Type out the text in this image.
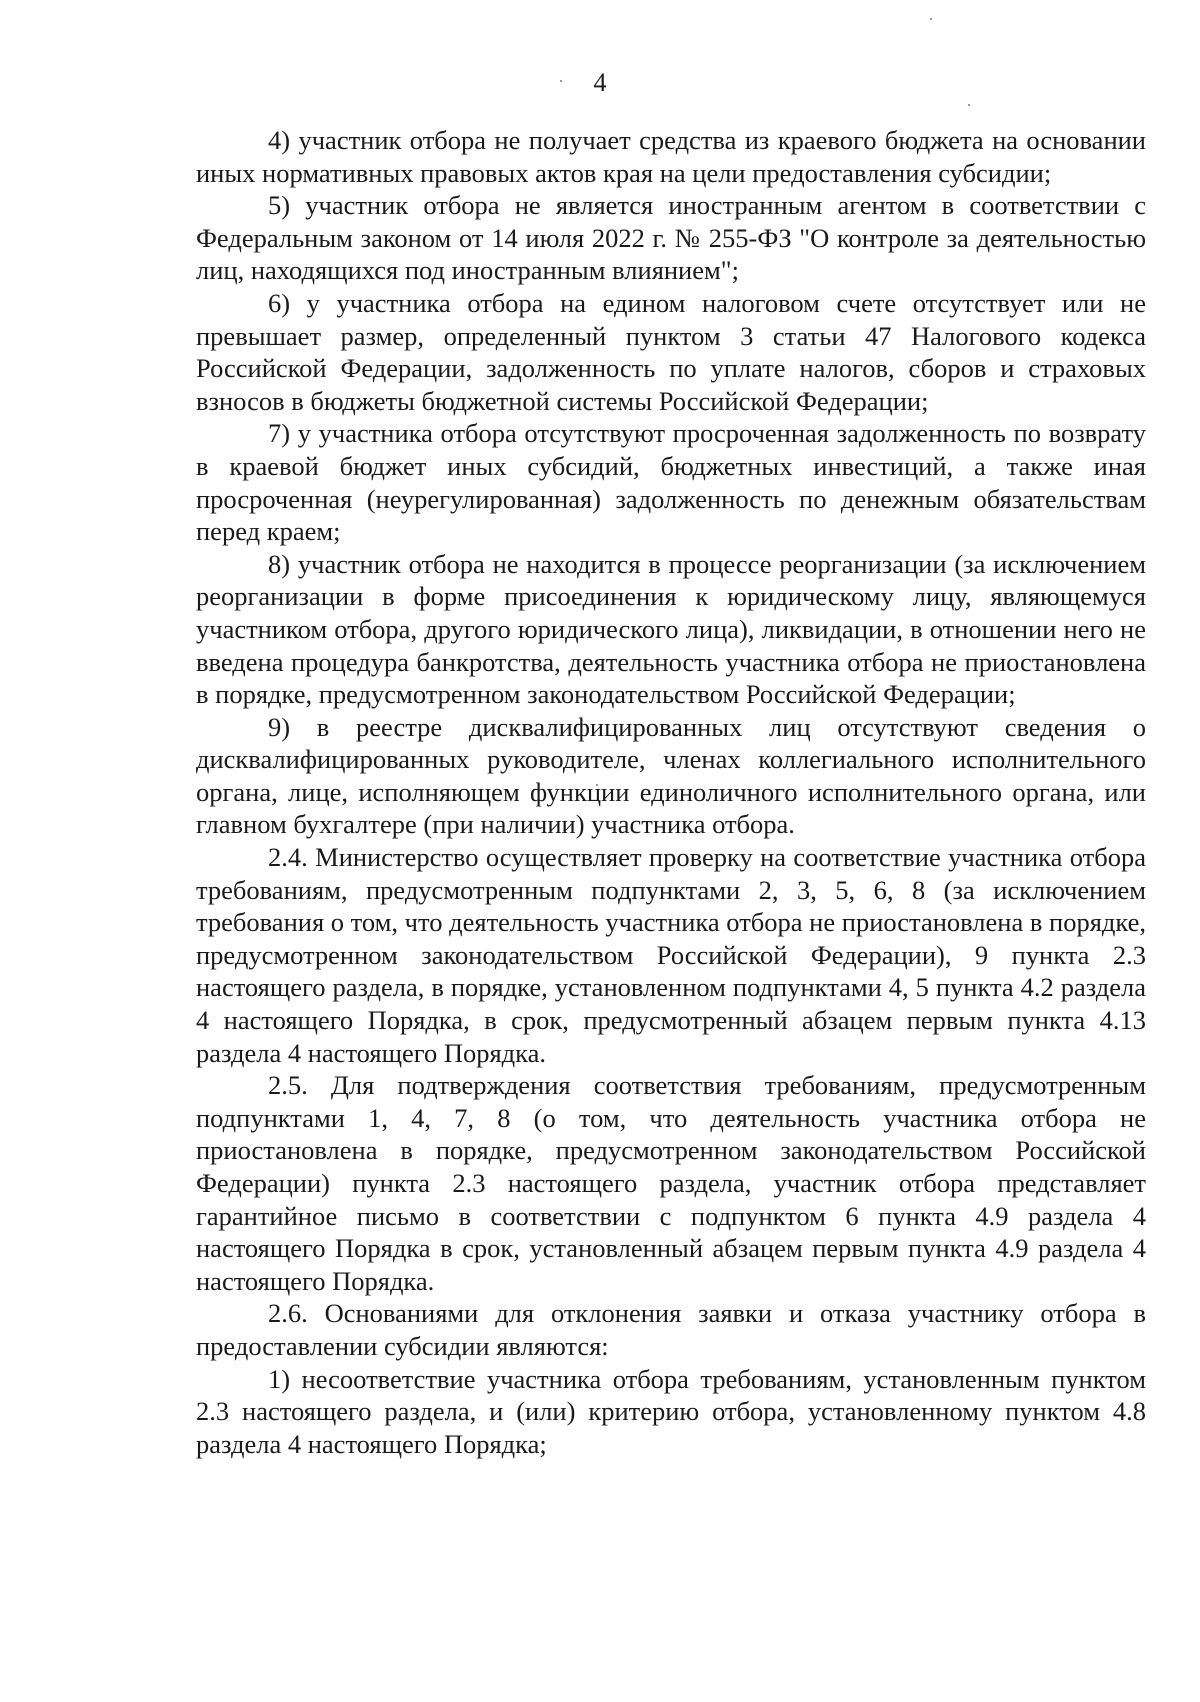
4

4) участник отбора не получает средства из краевого бюджета на основании иных нормативных правовых актов края на цели предоставления субсидии;

5) участник отбора не является иностранным агентом в соответствии с Федеральным законом от 14 июля 2022 г. № 255-ФЗ "О контроле за деятельностью лиц, находящихся под иностранным влиянием";

6) у участника отбора на едином налоговом счете отсутствует или не превышает размер, определенный пунктом 3 статьи 47 Налогового кодекса Российской Федерации, задолженность по уплате налогов, сборов и страховых взносов в бюджеты бюджетной системы Российской Федерации;

7) у участника отбора отсутствуют просроченная задолженность по возврату в краевой бюджет иных субсидий, бюджетных инвестиций, а также иная просроченная (неурегулированная) задолженность по денежным обязательствам перед краем;

8) участник отбора не находится в процессе реорганизации (за исключением реорганизации в форме присоединения к юридическому лицу, являющемуся участником отбора, другого юридического лица), ликвидации, в отношении него не введена процедура банкротства, деятельность участника отбора не приостановлена в порядке, предусмотренном законодательством Российской Федерации;

9) в реестре дисквалифицированных лиц отсутствуют сведения о дисквалифицированных руководителе, членах коллегиального исполнительного органа, лице, исполняющем функции единоличного исполнительного органа, или главном бухгалтере (при наличии) участника отбора.

2.4. Министерство осуществляет проверку на соответствие участника отбора требованиям, предусмотренным подпунктами 2, 3, 5, 6, 8 (за исключением требования о том, что деятельность участника отбора не приостановлена в порядке, предусмотренном законодательством Российской Федерации), 9 пункта 2.3 настоящего раздела, в порядке, установленном подпунктами 4, 5 пункта 4.2 раздела 4 настоящего Порядка, в срок, предусмотренный абзацем первым пункта 4.13 раздела 4 настоящего Порядка.

2.5. Для подтверждения соответствия требованиям, предусмотренным подпунктами 1, 4, 7, 8 (о том, что деятельность участника отбора не приостановлена в порядке, предусмотренном законодательством Российской Федерации) пункта 2.3 настоящего раздела, участник отбора представляет гарантийное письмо в соответствии с подпунктом 6 пункта 4.9 раздела 4 настоящего Порядка в срок, установленный абзацем первым пункта 4.9 раздела 4 настоящего Порядка.

2.6. Основаниями для отклонения заявки и отказа участнику отбора в предоставлении субсидии являются:

1) несоответствие участника отбора требованиям, установленным пунктом 2.3 настоящего раздела, и (или) критерию отбора, установленному пунктом 4.8 раздела 4 настоящего Порядка;
